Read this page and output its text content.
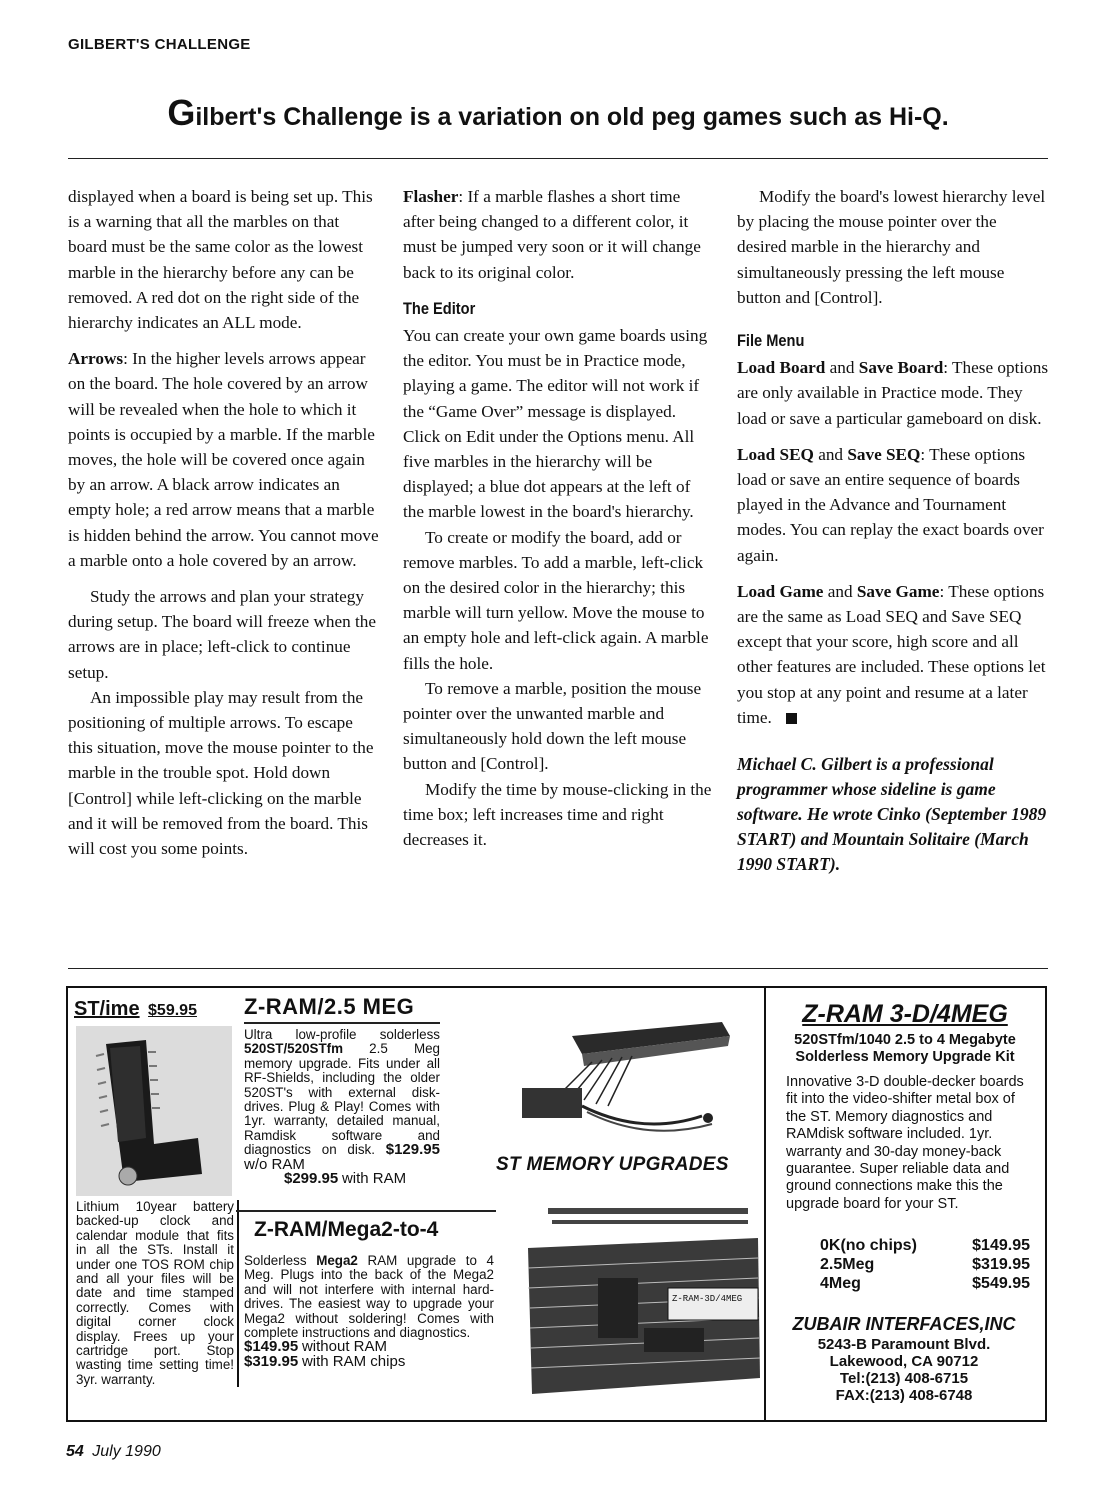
GILBERT'S CHALLENGE
Gilbert's Challenge is a variation on old peg games such as Hi-Q.

displayed when a board is being set up. This is a warning that all the marbles on that board must be the same color as the lowest marble in the hierarchy before any can be removed. A red dot on the right side of the hierarchy indicates an ALL mode.

Arrows: In the higher levels arrows appear on the board. The hole covered by an arrow will be revealed when the hole to which it points is occupied by a marble. If the marble moves, the hole will be covered once again by an arrow. A black arrow indicates an empty hole; a red arrow means that a marble is hidden behind the arrow. You cannot move a marble onto a hole covered by an arrow.

Study the arrows and plan your strategy during setup. The board will freeze when the arrows are in place; left-click to continue setup.

An impossible play may result from the positioning of multiple arrows. To escape this situation, move the mouse pointer to the marble in the trouble spot. Hold down [Control] while left-clicking on the marble and it will be removed from the board. This will cost you some points.

Flasher: If a marble flashes a short time after being changed to a different color, it must be jumped very soon or it will change back to its original color.

The Editor

You can create your own game boards using the editor. You must be in Practice mode, playing a game. The editor will not work if the “Game Over” message is displayed. Click on Edit under the Options menu. All five marbles in the hierarchy will be displayed; a blue dot appears at the left of the marble lowest in the board's hierarchy.

To create or modify the board, add or remove marbles. To add a marble, left-click on the desired color in the hierarchy; this marble will turn yellow. Move the mouse to an empty hole and left-click again. A marble fills the hole.

To remove a marble, position the mouse pointer over the unwanted marble and simultaneously hold down the left mouse button and [Control].

Modify the time by mouse-clicking in the time box; left increases time and right decreases it.

Modify the board's lowest hierarchy level by placing the mouse pointer over the desired marble in the hierarchy and simultaneously pressing the left mouse button and [Control].

File Menu

Load Board and Save Board: These options are only available in Practice mode. They load or save a particular gameboard on disk.

Load SEQ and Save SEQ: These options load or save an entire sequence of boards played in the Advance and Tournament modes. You can replay the exact boards over again.

Load Game and Save Game: These options are the same as Load SEQ and Save SEQ except that your score, high score and all other features are included. These options let you stop at any point and resume at a later time.

Michael C. Gilbert is a professional programmer whose sideline is game software. He wrote Cinko (September 1989 START) and Mountain Solitaire (March 1990 START).
ST/ime $59.95
Lithium 10year battery backed-up clock and calendar module that fits in all the STs. Install it under one TOS ROM chip and all your files will be date and time stamped correctly. Comes with digital corner clock display. Frees up your cartridge port. Stop wasting time setting time! 3yr. warranty.
Z-RAM/2.5 MEG
Ultra low-profile solderless 520ST/520STfm 2.5 Meg memory upgrade. Fits under all RF-Shields, including the older 520ST's with external disk-drives. Plug & Play! Comes with 1yr. warranty, detailed manual, Ramdisk software and diagnostics on disk. $129.95 w/o RAM
$299.95 with RAM
Z-RAM/Mega2-to-4
Solderless Mega2 RAM upgrade to 4 Meg. Plugs into the back of the Mega2 and will not interfere with internal hard-drives. The easiest way to upgrade your Mega2 without soldering! Comes with complete instructions and diagnostics.
$149.95 without RAM
$319.95 with RAM chips
ST MEMORY UPGRADES
Z-RAM-3D/4MEG
Z-RAM 3-D/4MEG
520STfm/1040 2.5 to 4 Megabyte Solderless Memory Upgrade Kit
Innovative 3-D double-decker boards fit into the video-shifter metal box of the ST. Memory diagnostics and RAMdisk software included. 1yr. warranty and 30-day money-back guarantee. Super reliable data and ground connections make this the upgrade board for your ST.
0K(no chips)	$149.95
2.5Meg	$319.95
4Meg	$549.95
ZUBAIR INTERFACES,INC
5243-B Paramount Blvd.
Lakewood, CA 90712
Tel:(213) 408-6715
FAX:(213) 408-6748
54 July 1990
